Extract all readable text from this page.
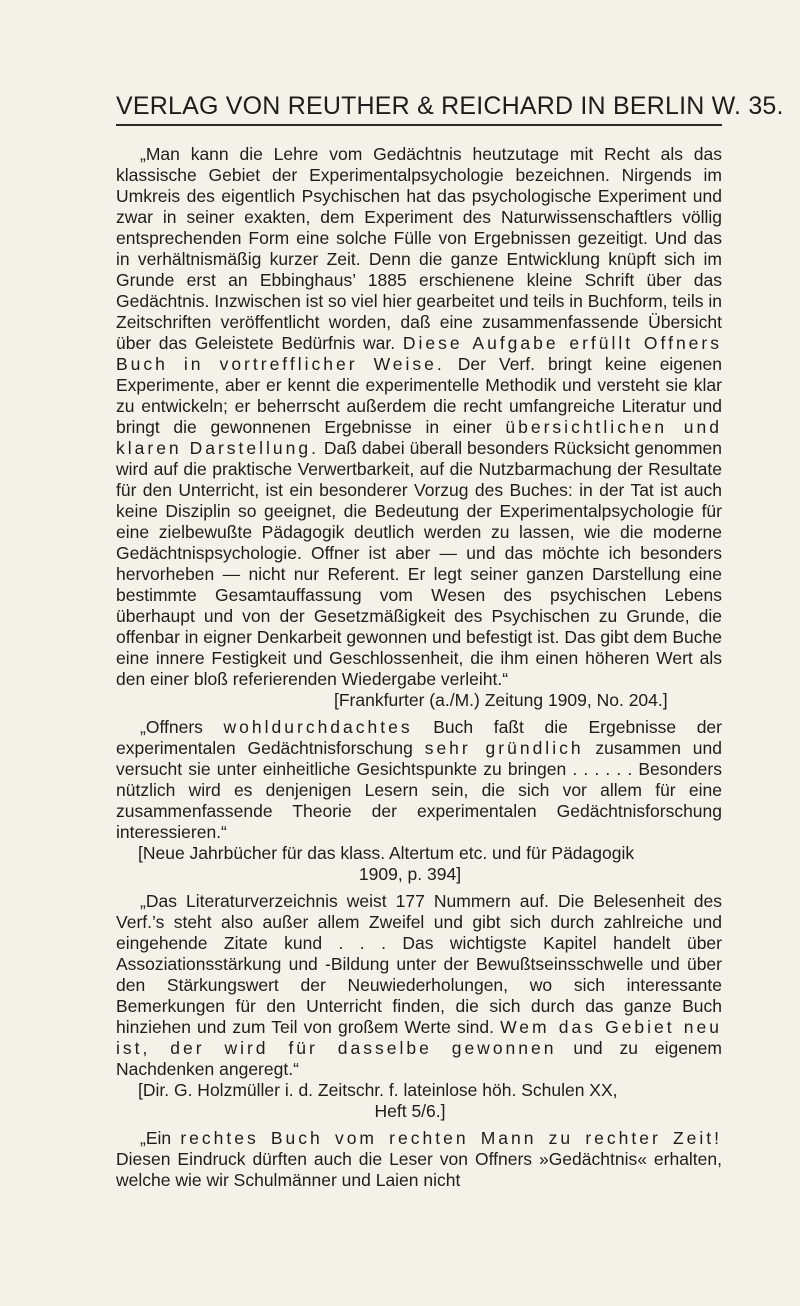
VERLAG VON REUTHER & REICHARD IN BERLIN W. 35.

„Man kann die Lehre vom Gedächtnis heutzutage mit Recht als das klassische Gebiet der Experimentalpsychologie bezeichnen. Nirgends im Umkreis des eigentlich Psychischen hat das psychologische Experiment und zwar in seiner exakten, dem Experiment des Naturwissenschaftlers völlig entsprechenden Form eine solche Fülle von Ergebnissen gezeitigt. Und das in verhältnismäßig kurzer Zeit. Denn die ganze Entwicklung knüpft sich im Grunde erst an Ebbinghaus’ 1885 erschienene kleine Schrift über das Gedächtnis. Inzwischen ist so viel hier gearbeitet und teils in Buchform, teils in Zeitschriften veröffentlicht worden, daß eine zusammenfassende Übersicht über das Geleistete Bedürfnis war. Diese Aufgabe erfüllt Offners Buch in vortrefflicher Weise. Der Verf. bringt keine eigenen Experimente, aber er kennt die experimentelle Methodik und versteht sie klar zu entwickeln; er beherrscht außerdem die recht umfangreiche Literatur und bringt die gewonnenen Ergebnisse in einer übersichtlichen und klaren Darstellung. Daß dabei überall besonders Rücksicht genommen wird auf die praktische Verwertbarkeit, auf die Nutzbarmachung der Resultate für den Unterricht, ist ein besonderer Vorzug des Buches: in der Tat ist auch keine Disziplin so geeignet, die Bedeutung der Experimentalpsychologie für eine zielbewußte Pädagogik deutlich werden zu lassen, wie die moderne Gedächtnispsychologie. Offner ist aber — und das möchte ich besonders hervorheben — nicht nur Referent. Er legt seiner ganzen Darstellung eine bestimmte Gesamtauffassung vom Wesen des psychischen Lebens überhaupt und von der Gesetzmäßigkeit des Psychischen zu Grunde, die offenbar in eigner Denkarbeit gewonnen und befestigt ist. Das gibt dem Buche eine innere Festigkeit und Geschlossenheit, die ihm einen höheren Wert als den einer bloß referierenden Wiedergabe verleiht.“

[Frankfurter (a./M.) Zeitung 1909, No. 204.]

„Offners wohldurchdachtes Buch faßt die Ergebnisse der experimentalen Gedächtnisforschung sehr gründlich zusammen und versucht sie unter einheitliche Gesichtspunkte zu bringen . . . . . . Besonders nützlich wird es denjenigen Lesern sein, die sich vor allem für eine zusammenfassende Theorie der experimentalen Gedächtnisforschung interessieren.“

[Neue Jahrbücher für das klass. Altertum etc. und für Pädagogik
1909, p. 394]

„Das Literaturverzeichnis weist 177 Nummern auf. Die Belesenheit des Verf.’s steht also außer allem Zweifel und gibt sich durch zahlreiche und eingehende Zitate kund . . . Das wichtigste Kapitel handelt über Assoziationsstärkung und -Bildung unter der Bewußtseinsschwelle und über den Stärkungswert der Neuwiederholungen, wo sich interessante Bemerkungen für den Unterricht finden, die sich durch das ganze Buch hinziehen und zum Teil von großem Werte sind. Wem das Gebiet neu ist, der wird für dasselbe gewonnen und zu eigenem Nachdenken angeregt.“

[Dir. G. Holzmüller i. d. Zeitschr. f. lateinlose höh. Schulen XX,
Heft 5/6.]

„Ein rechtes Buch vom rechten Mann zu rechter Zeit! Diesen Eindruck dürften auch die Leser von Offners »Gedächtnis« erhalten, welche wie wir Schulmänner und Laien nicht
